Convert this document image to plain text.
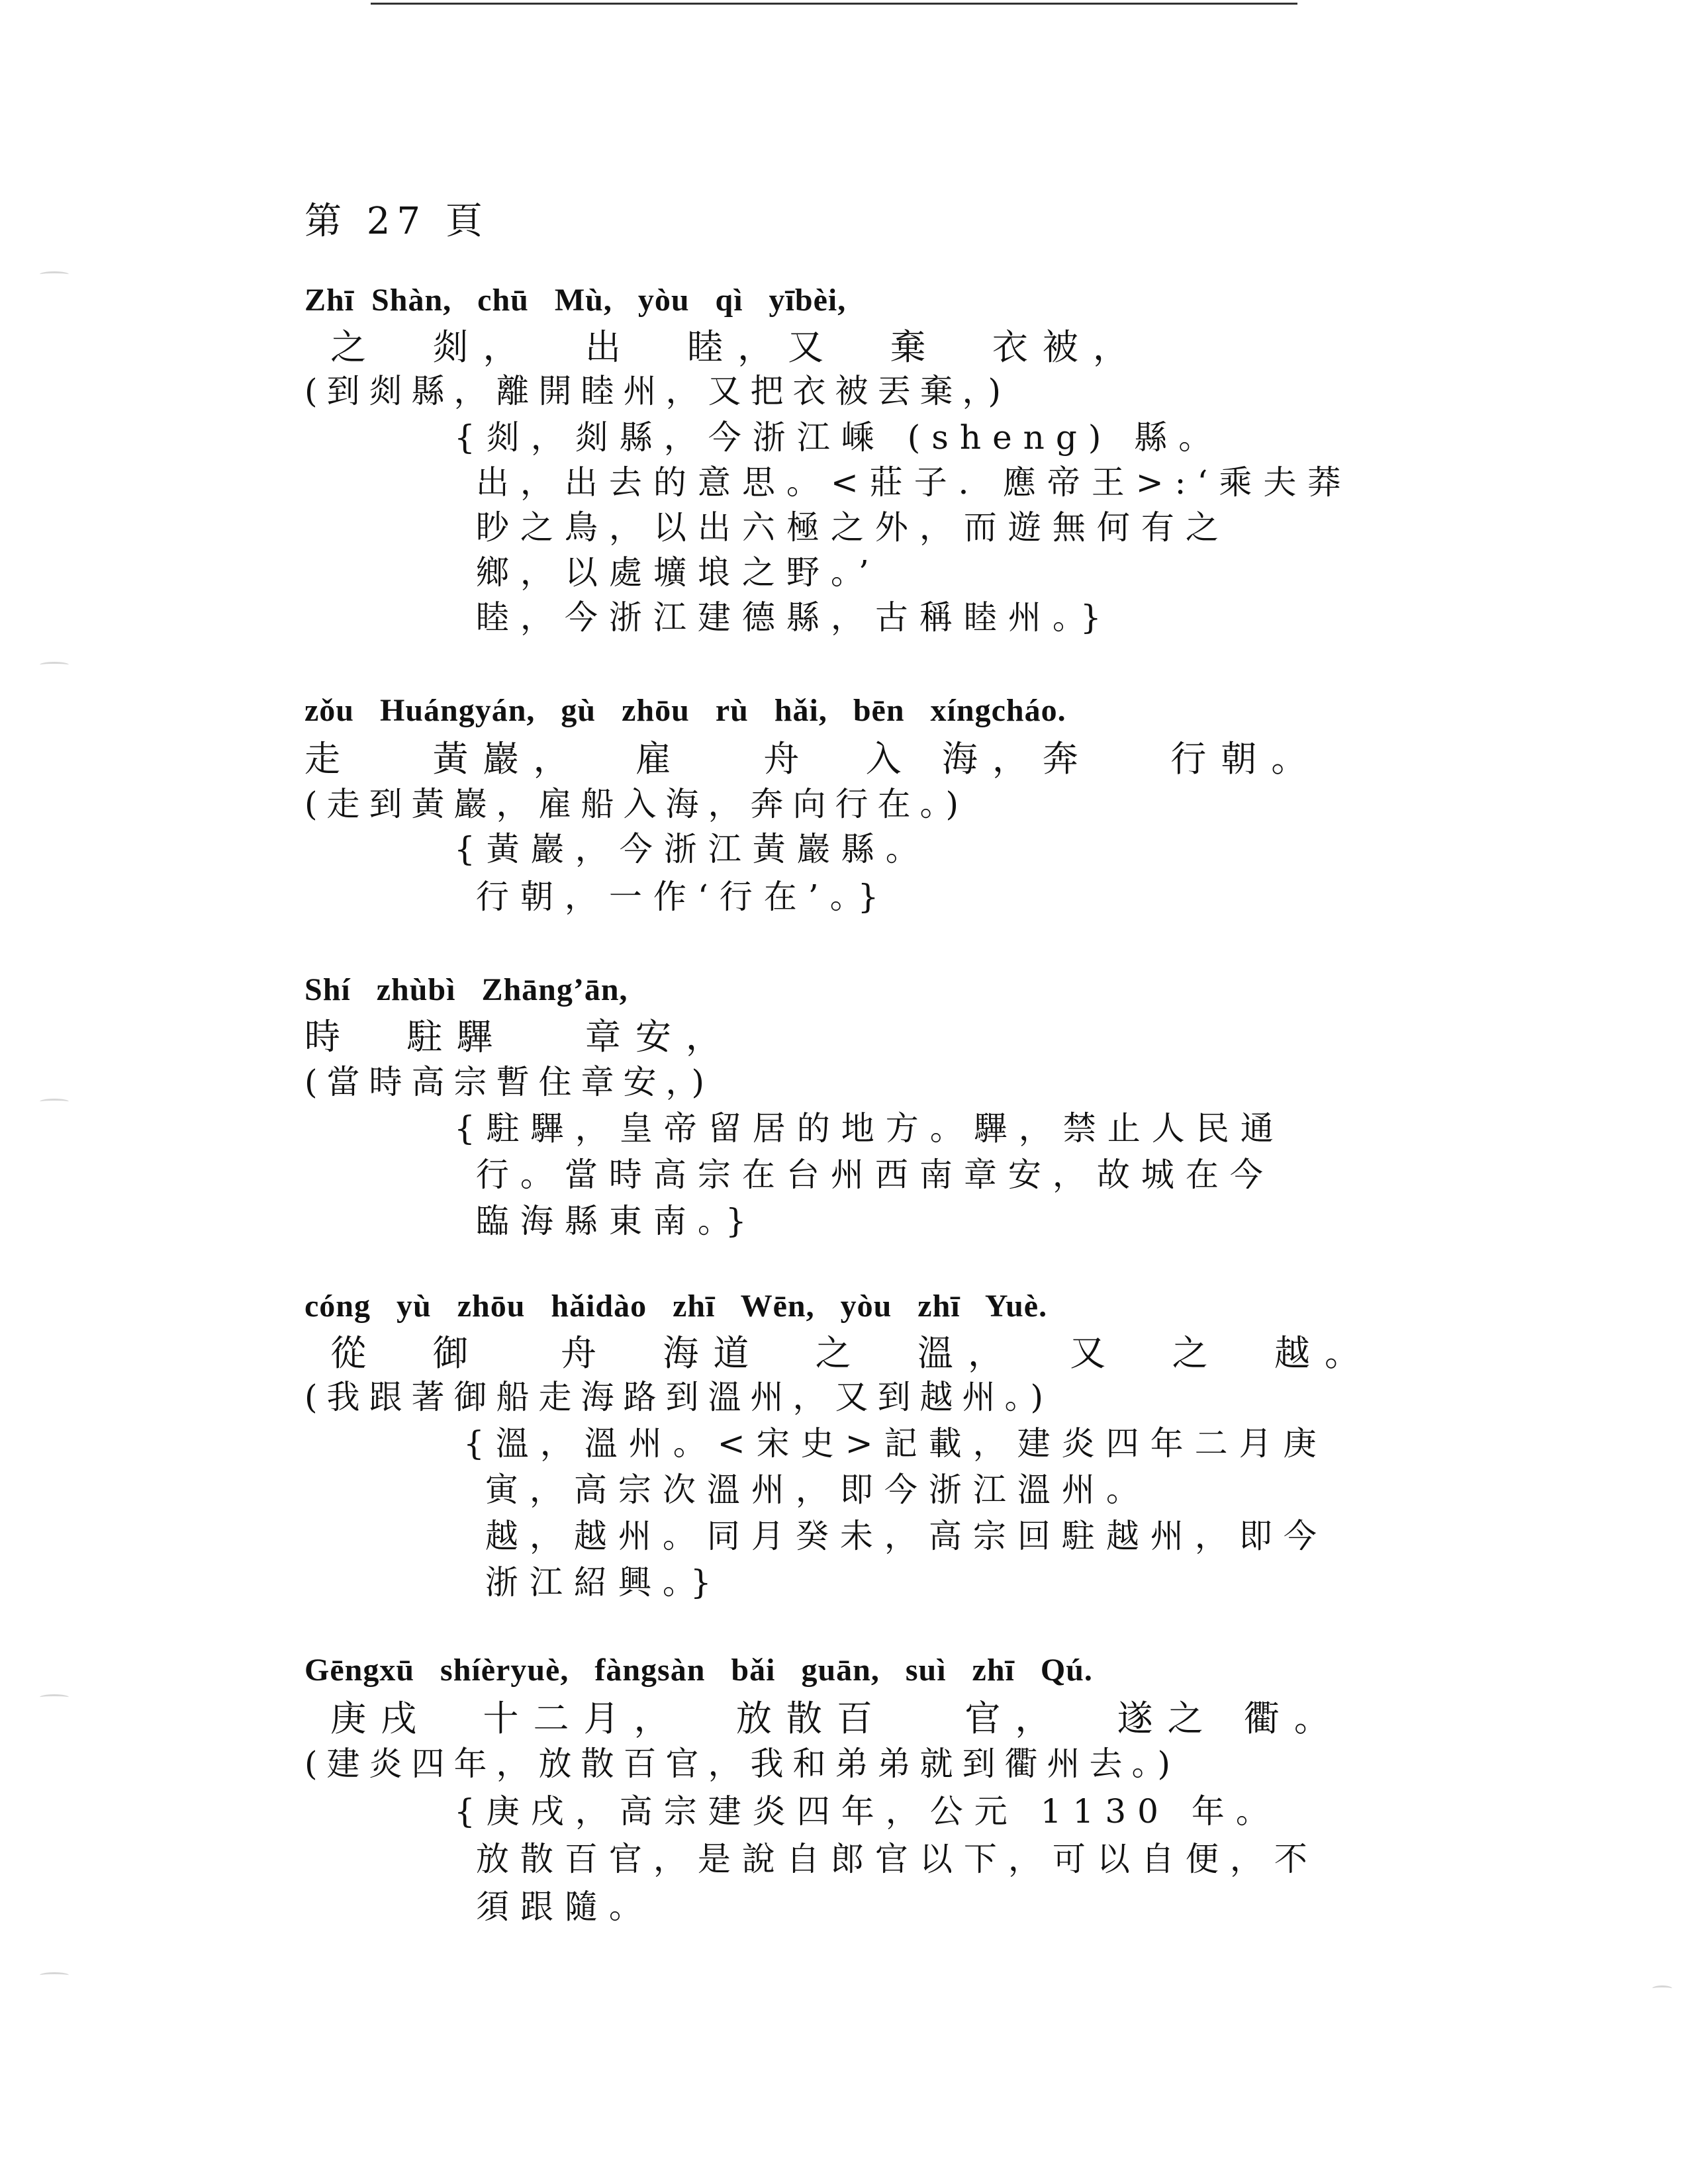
第 27 頁
Zhī  Shàn,   chū   Mù,   yòu   qì   yībèi,
之  剡，  出  睦，又  棄  衣被，
(到剡縣，離開睦州，又把衣被丟棄，)
{剡，剡縣，今浙江嵊 (sheng) 縣。
出，出去的意思。<莊子．應帝王>:‘乘夫莽
眇之鳥，以出六極之外，而遊無何有之
鄉，以處壙埌之野。’
睦，今浙江建德縣，古稱睦州。}
zǒu   Huángyán,   gù   zhōu   rù   hǎi,   bēn   xíngcháo.
走   黃巖，  雇   舟  入 海，奔   行朝。
(走到黃巖，雇船入海，奔向行在。)
{黃巖，今浙江黃巖縣。
行朝，一作‘行在’。}
Shí   zhùbì   Zhāng’ān,
時  駐驆   章安，
(當時高宗暫住章安，)
{駐驆，皇帝留居的地方。驆，禁止人民通
行。當時高宗在台州西南章安，故城在今
臨海縣東南。}
cóng   yù   zhōu   hǎidào   zhī   Wēn,   yòu   zhī   Yuè.
從  御   舟  海道  之  溫，  又  之  越。
(我跟著御船走海路到溫州，又到越州。)
{溫，溫州。<宋史>記載，建炎四年二月庚
寅，高宗次溫州，即今浙江溫州。
越，越州。同月癸未，高宗回駐越州，即今
浙江紹興。}
Gēngxū   shíèryuè,   fàngsàn   bǎi   guān,   suì   zhī   Qú.
庚戌  十二月，  放散百   官，  遂之 衢。
(建炎四年，放散百官，我和弟弟就到衢州去。)
{庚戌，高宗建炎四年，公元 1130 年。
放散百官，是說自郎官以下，可以自便，不
須跟隨。
